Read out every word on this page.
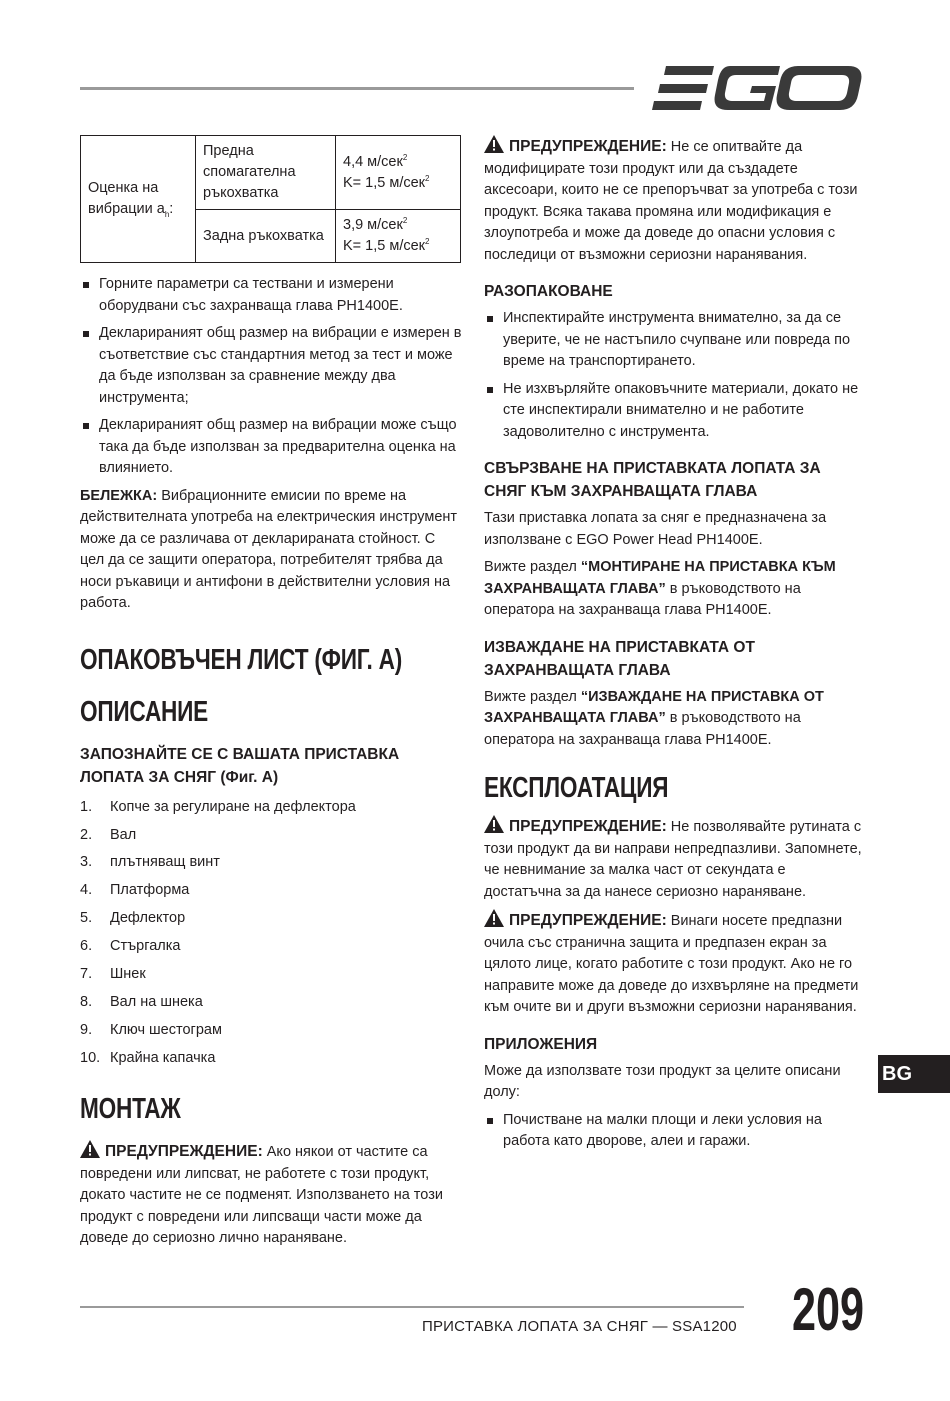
Оценка на вибрации $a_h$:	Предна спомагателна ръкохватка	4,4 м/сек$^2$
K= 1,5 м/сек$^2$
	Задна ръкохватка	3,9 м/сек$^2$
K= 1,5 м/сек$^2$
Горните параметри са тествани и измерени оборудвани със захранваща глава PH1400E.
Декларираният общ размер на вибрации е измерен в съответствие със стандартния метод за тест и може да бъде използван за сравнение между два инструмента;
Декларираният общ размер на вибрации може също така да бъде използван за предварителна оценка на влиянието.

БЕЛЕЖКА: Вибрационните емисии по време на действителната употреба на електрическия инструмент може да се различава от декларираната стойност. С цел да се защити оператора, потребителят трябва да носи ръкавици и антифони в действителни условия на работа.

ОПАКОВЪЧЕН ЛИСТ (ФИГ. А)
ОПИСАНИЕ
ЗАПОЗНАЙТЕ СЕ С ВАШАТА ПРИСТАВКА ЛОПАТА ЗА СНЯГ (Фиг. А)
1.	Копче за регулиране на дефлектора
2.	Вал
3.	плътняващ винт
4.	Платформа
5.	Дефлектор
6.	Стъргалка
7.	Шнек
8.	Вал на шнека
9.	Ключ шестограм
10. Крайна капачка
МОНТАЖ

ПРЕДУПРЕЖДЕНИЕ: Ако някои от частите са повредени или липсват, не работете с този продукт, докато частите не се подменят. Използването на този продукт с повредени или липсващи части може да доведе до сериозно лично нараняване.

ПРЕДУПРЕЖДЕНИЕ: Не се опитвайте да модифицирате този продукт или да създадете аксесоари, които не се препоръчват за употреба с този продукт. Всяка такава промяна или модификация е злоупотреба и може да доведе до опасни условия с последици от възможни сериозни наранявания.

РАЗОПАКОВАНЕ
Инспектирайте инструмента внимателно, за да се уверите, че не настъпило счупване или повреда по време на транспортирането.
Не изхвърляйте опаковъчните материали, докато не сте инспектирали внимателно и не работите задоволително с инструмента.
СВЪРЗВАНЕ НА ПРИСТАВКАТА ЛОПАТА ЗА СНЯГ КЪМ ЗАХРАНВАЩАТА ГЛАВА

Тази приставка лопата за сняг е предназначена за използване с EGO Power Head PH1400E.

Вижте раздел “МОНТИРАНЕ НА ПРИСТАВКА КЪМ ЗАХРАНВАЩАТА ГЛАВА” в ръководството на оператора на захранваща глава PH1400E.

ИЗВАЖДАНЕ НА ПРИСТАВКАТА ОТ ЗАХРАНВАЩАТА ГЛАВА

Вижте раздел “ИЗВАЖДАНЕ НА ПРИСТАВКА ОТ ЗАХРАНВАЩАТА ГЛАВА” в ръководството на оператора на захранваща глава PH1400E.

ЕКСПЛОАТАЦИЯ

ПРЕДУПРЕЖДЕНИЕ: Не позволявайте рутината с този продукт да ви направи непредпазливи. Запомнете, че невнимание за малка част от секундата е достатъчна за да нанесе сериозно нараняване.

ПРЕДУПРЕЖДЕНИЕ: Винаги носете предпазни очила със странична защита и предпазен екран за цялото лице, когато работите с този продукт. Ако не го направите може да доведе до изхвърляне на предмети към очите ви и други възможни сериозни наранявания.

ПРИЛОЖЕНИЯ

Може да използвате този продукт за целите описани долу:

Почистване на малки площи и леки условия на работа като дворове, алеи и гаражи.
BG
ПРИСТАВКА ЛОПАТА ЗА СНЯГ — SSA1200 209
